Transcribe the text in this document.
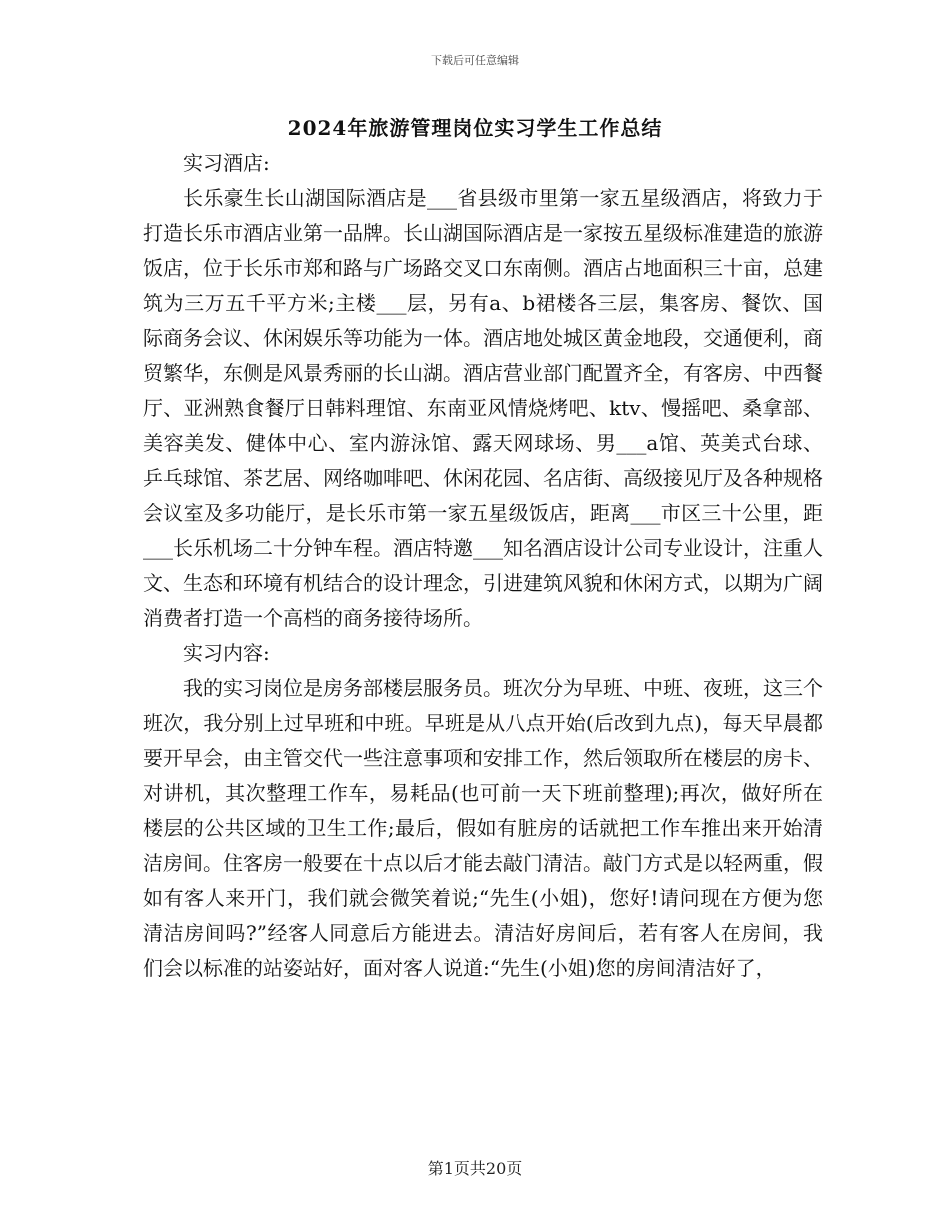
下载后可任意编辑
2024年旅游管理岗位实习学生工作总结

实习酒店:

长乐豪生长山湖国际酒店是___省县级市里第一家五星级酒店，将致力于打造长乐市酒店业第一品牌。长山湖国际酒店是一家按五星级标准建造的旅游饭店，位于长乐市郑和路与广场路交叉口东南侧。酒店占地面积三十亩，总建筑为三万五千平方米;主楼___层，另有a、b裙楼各三层，集客房、餐饮、国际商务会议、休闲娱乐等功能为一体。酒店地处城区黄金地段，交通便利，商贸繁华，东侧是风景秀丽的长山湖。酒店营业部门配置齐全，有客房、中西餐厅、亚洲熟食餐厅日韩料理馆、东南亚风情烧烤吧、ktv、慢摇吧、桑拿部、美容美发、健体中心、室内游泳馆、露天网球场、男___a馆、英美式台球、乒乓球馆、茶艺居、网络咖啡吧、休闲花园、名店街、高级接见厅及各种规格会议室及多功能厅，是长乐市第一家五星级饭店，距离___市区三十公里，距___长乐机场二十分钟车程。酒店特邀___知名酒店设计公司专业设计，注重人文、生态和环境有机结合的设计理念，引进建筑风貌和休闲方式，以期为广阔消费者打造一个高档的商务接待场所。

实习内容:

我的实习岗位是房务部楼层服务员。班次分为早班、中班、夜班，这三个班次，我分别上过早班和中班。早班是从八点开始(后改到九点)，每天早晨都要开早会，由主管交代一些注意事项和安排工作，然后领取所在楼层的房卡、对讲机，其次整理工作车，易耗品(也可前一天下班前整理);再次，做好所在楼层的公共区域的卫生工作;最后，假如有脏房的话就把工作车推出来开始清洁房间。住客房一般要在十点以后才能去敲门清洁。敲门方式是以轻两重，假如有客人来开门，我们就会微笑着说;“先生(小姐)，您好!请问现在方便为您清洁房间吗?”经客人同意后方能进去。清洁好房间后，若有客人在房间，我们会以标准的站姿站好，面对客人说道:“先生(小姐)您的房间清洁好了，

第1页共20页
